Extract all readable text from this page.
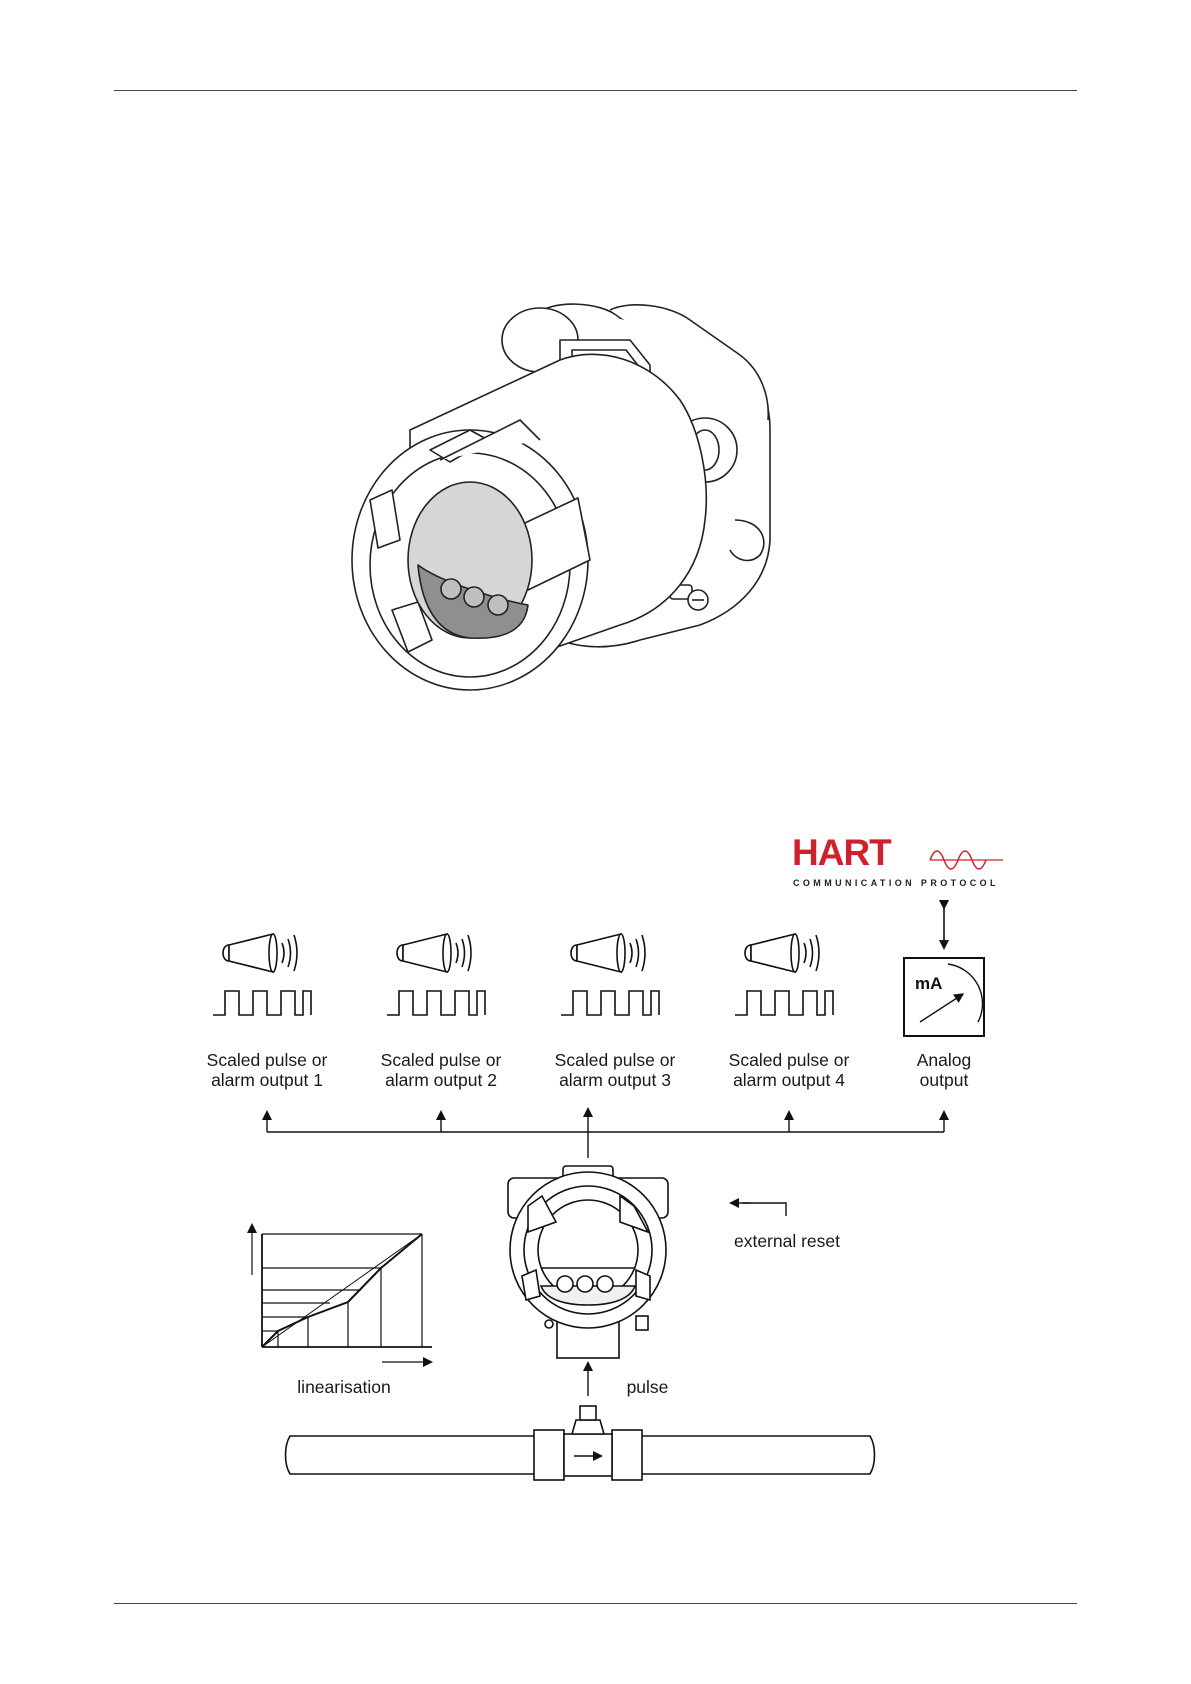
HART
COMMUNICATION PROTOCOL
mA
Scaled pulse or
alarm output 1
Scaled pulse or
alarm output 2
Scaled pulse or
alarm output 3
Scaled pulse or
alarm output 4
Analog
output
external reset
linearisation	pulse
